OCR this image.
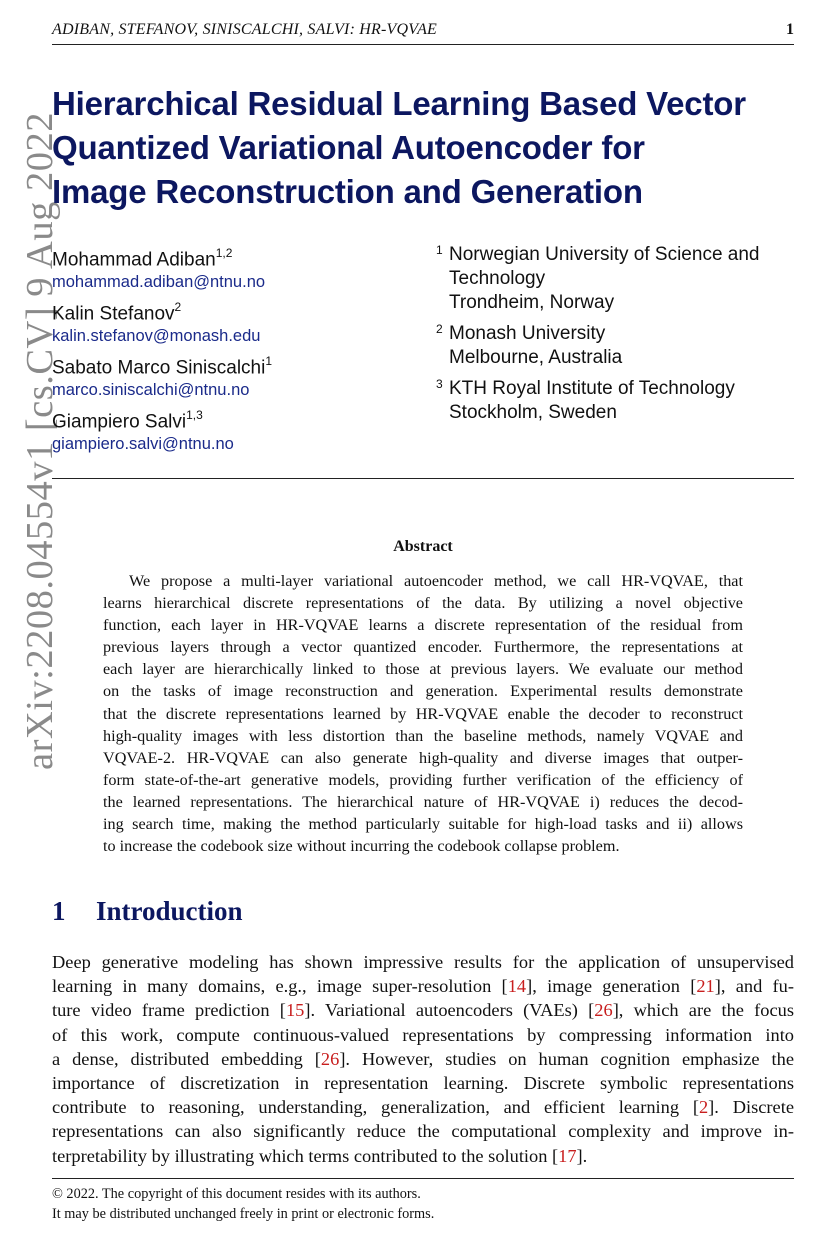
ADIBAN, STEFANOV, SINISCALCHI, SALVI: HR-VQVAE	1
arXiv:2208.04554v1 [cs.CV] 9 Aug 2022
Hierarchical Residual Learning Based Vector
Quantized Variational Autoencoder for
Image Reconstruction and Generation
Mohammad Adiban$^{1,2}$
mohammad.adiban@ntnu.no
Kalin Stefanov$^2$
kalin.stefanov@monash.edu
Sabato Marco Siniscalchi$^1$
marco.siniscalchi@ntnu.no
Giampiero Salvi$^{1,3}$
giampiero.salvi@ntnu.no
1 Norwegian University of Science and
Technology
Trondheim, Norway
2 Monash University
Melbourne, Australia
3 KTH Royal Institute of Technology
Stockholm, Sweden
Abstract
We propose a multi-layer variational autoencoder method, we call HR-VQVAE, that
learns hierarchical discrete representations of the data. By utilizing a novel objective
function, each layer in HR-VQVAE learns a discrete representation of the residual from
previous layers through a vector quantized encoder. Furthermore, the representations at
each layer are hierarchically linked to those at previous layers. We evaluate our method
on the tasks of image reconstruction and generation. Experimental results demonstrate
that the discrete representations learned by HR-VQVAE enable the decoder to reconstruct
high-quality images with less distortion than the baseline methods, namely VQVAE and
VQVAE-2. HR-VQVAE can also generate high-quality and diverse images that outper-
form state-of-the-art generative models, providing further verification of the efficiency of
the learned representations. The hierarchical nature of HR-VQVAE i) reduces the decod-
ing search time, making the method particularly suitable for high-load tasks and ii) allows
to increase the codebook size without incurring the codebook collapse problem.
1 Introduction
Deep generative modeling has shown impressive results for the application of unsupervised
learning in many domains, e.g., image super-resolution [14], image generation [21], and fu-
ture video frame prediction [15]. Variational autoencoders (VAEs) [26], which are the focus
of this work, compute continuous-valued representations by compressing information into
a dense, distributed embedding [26]. However, studies on human cognition emphasize the
importance of discretization in representation learning. Discrete symbolic representations
contribute to reasoning, understanding, generalization, and efficient learning [2]. Discrete
representations can also significantly reduce the computational complexity and improve in-
terpretability by illustrating which terms contributed to the solution [17].
© 2022. The copyright of this document resides with its authors.
It may be distributed unchanged freely in print or electronic forms.
